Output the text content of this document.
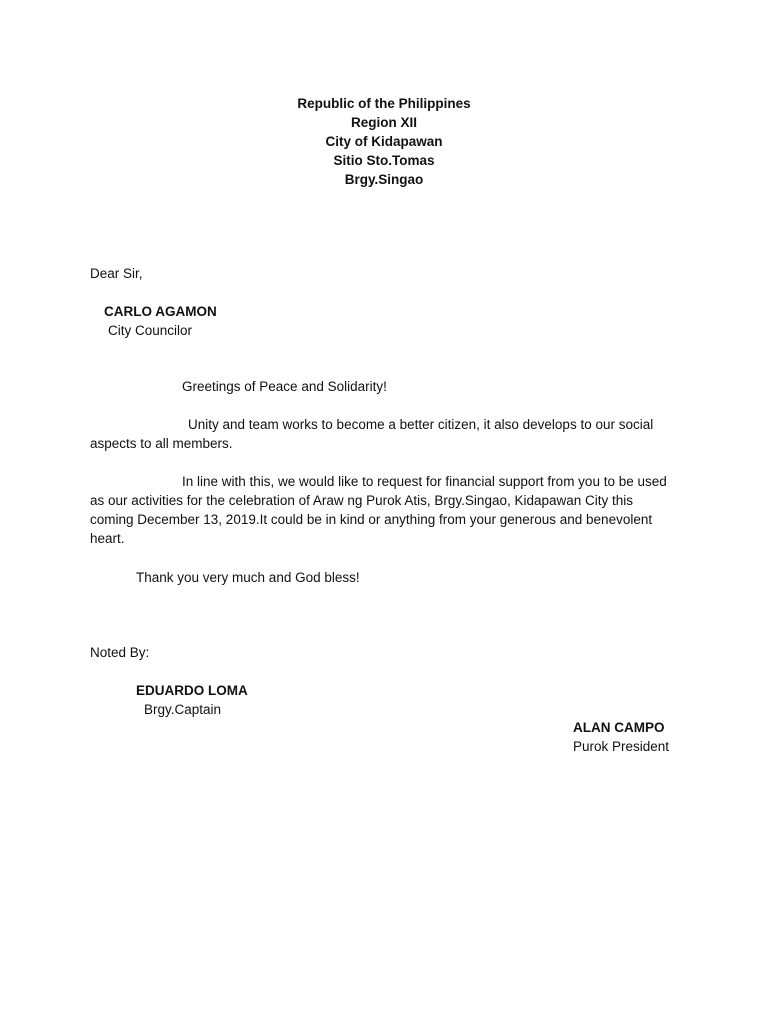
Republic of the Philippines
Region XII
City of Kidapawan
Sitio Sto.Tomas
Brgy.Singao
Dear Sir,
CARLO AGAMON
City Councilor
Greetings of Peace and Solidarity!
Unity and team works to become a better citizen, it also develops to our social aspects to all members.
In line with this, we would like to request for financial support from you to be used as our activities for the celebration of Araw ng Purok Atis, Brgy.Singao, Kidapawan City this coming December 13, 2019.It could be in kind or anything from your generous and benevolent heart.
Thank you very much and God bless!
Noted By:
EDUARDO LOMA
Brgy.Captain
ALAN CAMPO
Purok President
